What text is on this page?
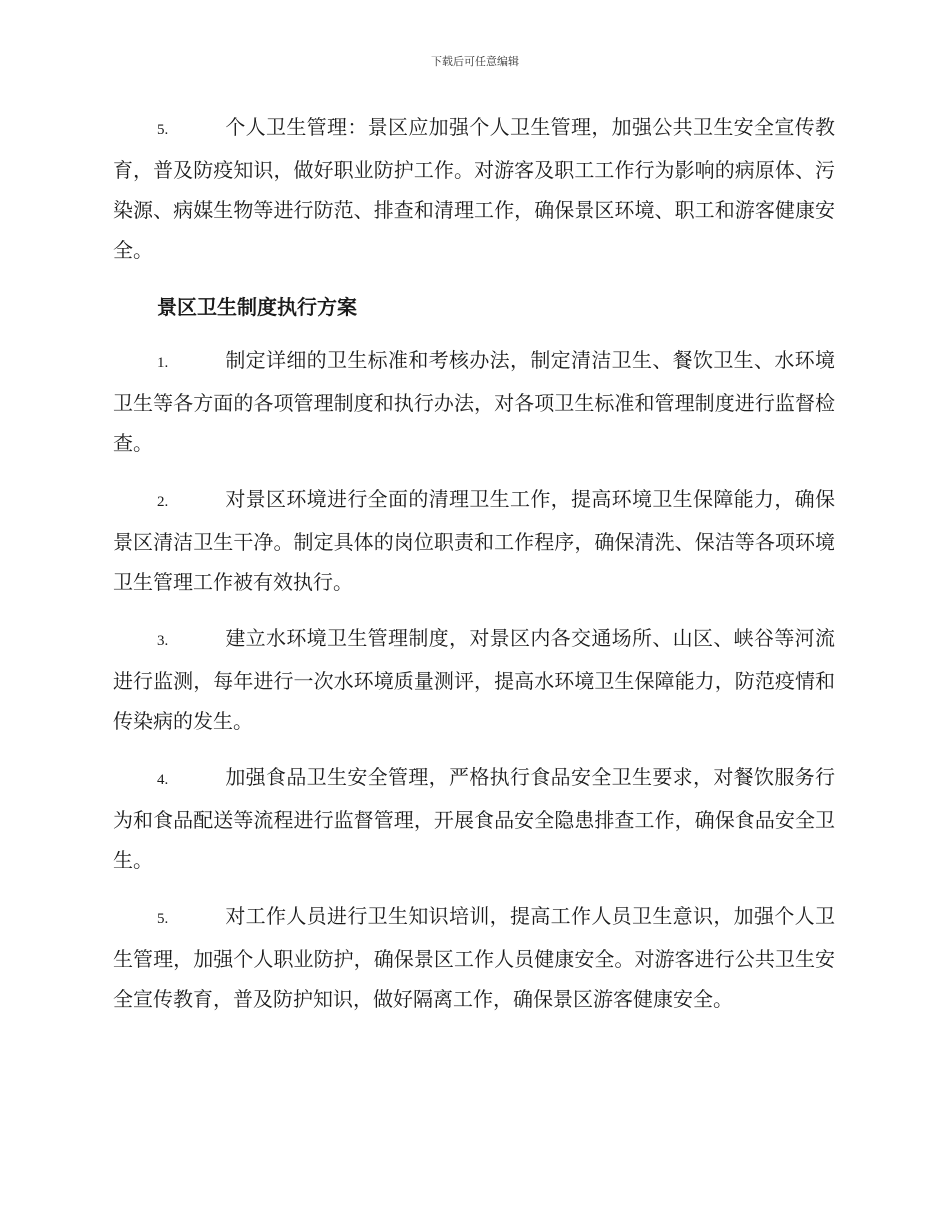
下载后可任意编辑

5.	个人卫生管理：景区应加强个人卫生管理，加强公共卫生安全宣传教育，普及防疫知识，做好职业防护工作。对游客及职工工作行为影响的病原体、污染源、病媒生物等进行防范、排查和清理工作，确保景区环境、职工和游客健康安全。

景区卫生制度执行方案

1.	制定详细的卫生标准和考核办法，制定清洁卫生、餐饮卫生、水环境卫生等各方面的各项管理制度和执行办法，对各项卫生标准和管理制度进行监督检查。

2.	对景区环境进行全面的清理卫生工作，提高环境卫生保障能力，确保景区清洁卫生干净。制定具体的岗位职责和工作程序，确保清洗、保洁等各项环境卫生管理工作被有效执行。

3.	建立水环境卫生管理制度，对景区内各交通场所、山区、峡谷等河流进行监测，每年进行一次水环境质量测评，提高水环境卫生保障能力，防范疫情和传染病的发生。

4.	加强食品卫生安全管理，严格执行食品安全卫生要求，对餐饮服务行为和食品配送等流程进行监督管理，开展食品安全隐患排查工作，确保食品安全卫生。

5.	对工作人员进行卫生知识培训，提高工作人员卫生意识，加强个人卫生管理，加强个人职业防护，确保景区工作人员健康安全。对游客进行公共卫生安全宣传教育，普及防护知识，做好隔离工作，确保景区游客健康安全。
